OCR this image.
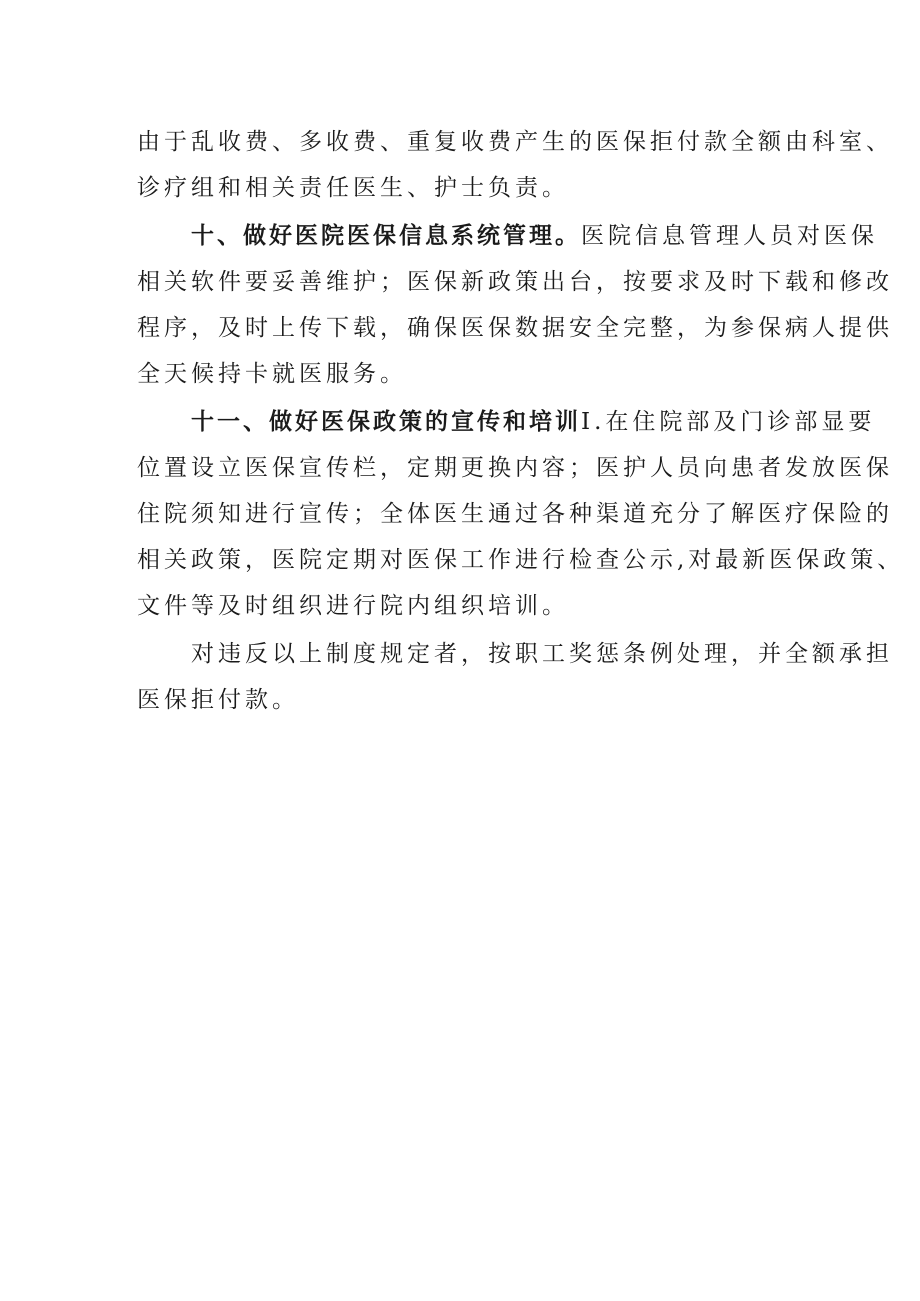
由于乱收费、多收费、重复收费产生的医保拒付款全额由科室、
诊疗组和相关责任医生、护士负责。
十、做好医院医保信息系统管理。医院信息管理人员对医保
相关软件要妥善维护；医保新政策出台，按要求及时下载和修改
程序，及时上传下载，确保医保数据安全完整，为参保病人提供
全天候持卡就医服务。
十一、做好医保政策的宣传和培训I.在住院部及门诊部显要
位置设立医保宣传栏，定期更换内容；医护人员向患者发放医保
住院须知进行宣传；全体医生通过各种渠道充分了解医疗保险的
相关政策，医院定期对医保工作进行检查公示,对最新医保政策、
文件等及时组织进行院内组织培训。
对违反以上制度规定者，按职工奖惩条例处理，并全额承担
医保拒付款。
